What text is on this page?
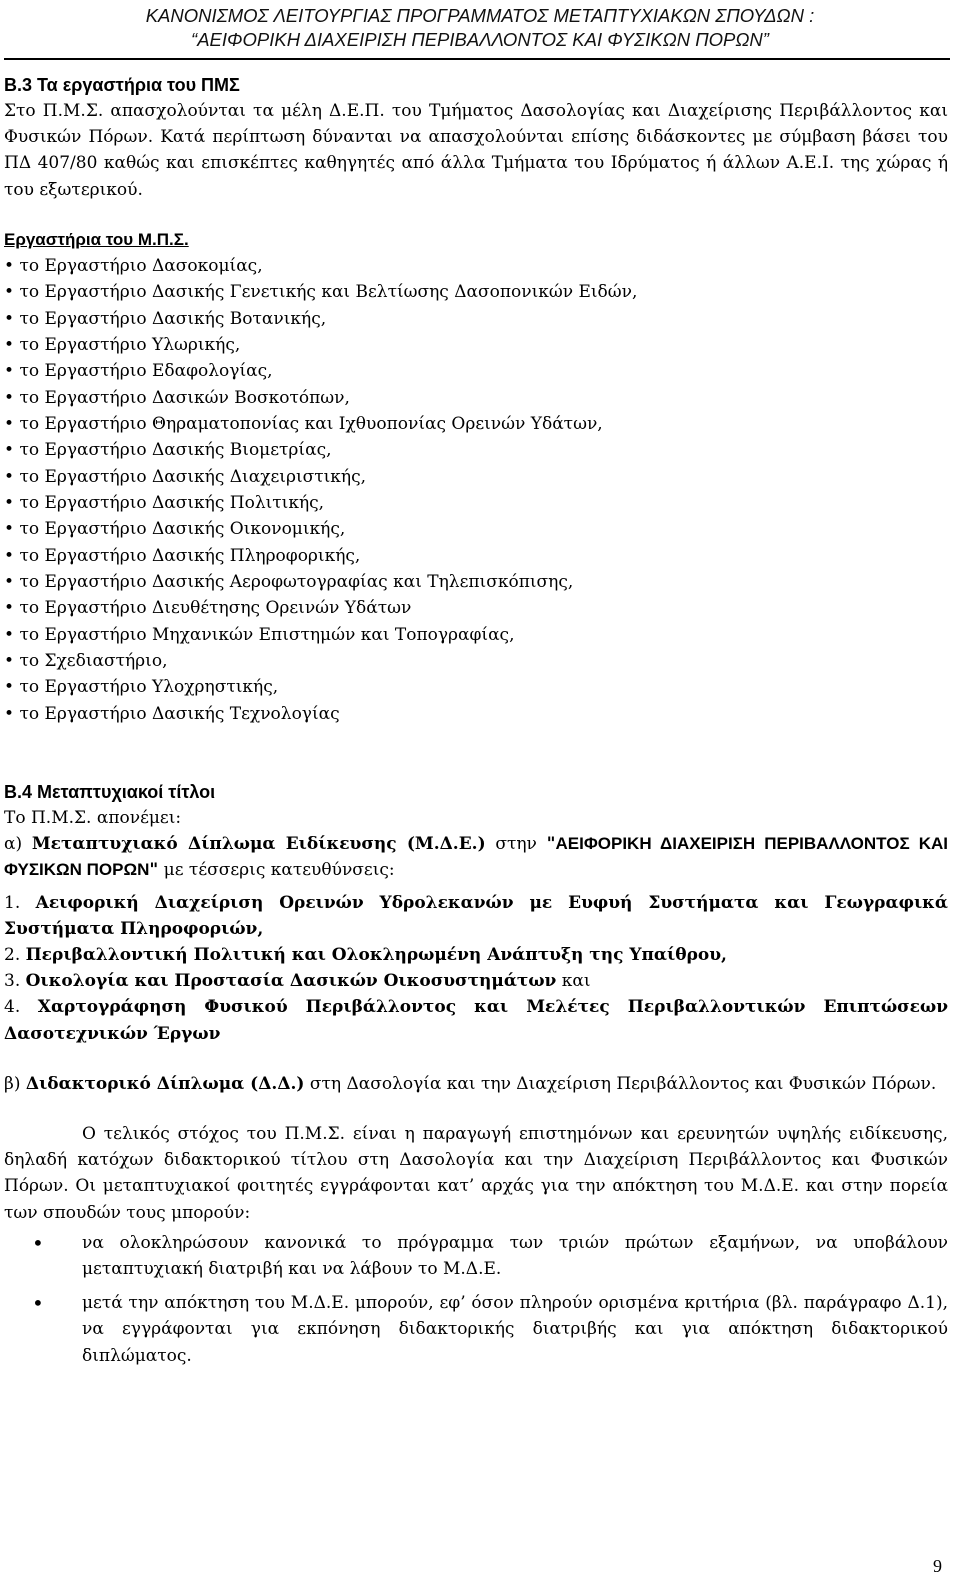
ΚΑΝΟΝΙΣΜΟΣ ΛΕΙΤΟΥΡΓΙΑΣ ΠΡΟΓΡΑΜΜΑΤΟΣ ΜΕΤΑΠΤΥΧΙΑΚΩΝ ΣΠΟΥΔΩΝ :
“ΑΕΙΦΟΡΙΚΗ ΔΙΑΧΕΙΡΙΣΗ ΠΕΡΙΒΑΛΛΟΝΤΟΣ ΚΑΙ ΦΥΣΙΚΩΝ ΠΟΡΩΝ”
Β.3 Τα εργαστήρια του ΠΜΣ

Στο Π.Μ.Σ. απασχολούνται τα μέλη Δ.Ε.Π. του Τμήματος Δασολογίας και Διαχείρισης Περιβάλλοντος και Φυσικών Πόρων. Κατά περίπτωση δύνανται να απασχολούνται επίσης διδάσκοντες με σύμβαση βάσει του ΠΔ 407/80 καθώς και επισκέπτες καθηγητές από άλλα Τμήματα του Ιδρύματος ή άλλων Α.Ε.Ι. της χώρας ή του εξωτερικού.

Εργαστήρια του Μ.Π.Σ.
• το Εργαστήριο Δασοκομίας,
• το Εργαστήριο Δασικής Γενετικής και Βελτίωσης Δασοπονικών Ειδών,
• το Εργαστήριο Δασικής Βοτανικής,
• το Εργαστήριο Υλωρικής,
• το Εργαστήριο Εδαφολογίας,
• το Εργαστήριο Δασικών Βοσκοτόπων,
• το Εργαστήριο Θηραματοπονίας και Ιχθυοπονίας Ορεινών Υδάτων,
• το Εργαστήριο Δασικής Βιομετρίας,
• το Εργαστήριο Δασικής Διαχειριστικής,
• το Εργαστήριο Δασικής Πολιτικής,
• το Εργαστήριο Δασικής Οικονομικής,
• το Εργαστήριο Δασικής Πληροφορικής,
• το Εργαστήριο Δασικής Αεροφωτογραφίας και Τηλεπισκόπισης,
• το Εργαστήριο Διευθέτησης Ορεινών Υδάτων
• το Εργαστήριο Μηχανικών Επιστημών και Τοπογραφίας,
• το Σχεδιαστήριο,
• το Εργαστήριο Υλοχρηστικής,
• το Εργαστήριο Δασικής Τεχνολογίας
Β.4 Μεταπτυχιακοί τίτλοι

Το Π.Μ.Σ. απονέμει:

α) Μεταπτυχιακό Δίπλωμα Ειδίκευσης (Μ.Δ.Ε.) στην "ΑΕΙΦΟΡΙΚΗ ΔΙΑΧΕΙΡΙΣΗ ΠΕΡΙΒΑΛΛΟΝΤΟΣ ΚΑΙ ΦΥΣΙΚΩΝ ΠΟΡΩΝ" με τέσσερις κατευθύνσεις:

1. Αειφορική Διαχείριση Ορεινών Υδρολεκανών με Ευφυή Συστήματα και Γεωγραφικά Συστήματα Πληροφοριών,

2. Περιβαλλοντική Πολιτική και Ολοκληρωμένη Ανάπτυξη της Υπαίθρου,

3. Οικολογία και Προστασία Δασικών Οικοσυστημάτων και

4. Χαρτογράφηση Φυσικού Περιβάλλοντος και Μελέτες Περιβαλλοντικών Επιπτώσεων Δασοτεχνικών Έργων

β) Διδακτορικό Δίπλωμα (Δ.Δ.) στη Δασολογία και την Διαχείριση Περιβάλλοντος και Φυσικών Πόρων.

Ο τελικός στόχος του Π.Μ.Σ. είναι η παραγωγή επιστημόνων και ερευνητών υψηλής ειδίκευσης, δηλαδή κατόχων διδακτορικού τίτλου στη Δασολογία και την Διαχείριση Περιβάλλοντος και Φυσικών Πόρων. Οι μεταπτυχιακοί φοιτητές εγγράφονται κατ’ αρχάς για την απόκτηση του Μ.Δ.Ε. και στην πορεία των σπουδών τους μπορούν:

• να ολοκληρώσουν κανονικά το πρόγραμμα των τριών πρώτων εξαμήνων, να υποβάλουν μεταπτυχιακή διατριβή και να λάβουν το Μ.Δ.Ε.
• μετά την απόκτηση του Μ.Δ.Ε. μπορούν, εφ’ όσον πληρούν ορισμένα κριτήρια (βλ. παράγραφο Δ.1), να εγγράφονται για εκπόνηση διδακτορικής διατριβής και για απόκτηση διδακτορικού διπλώματος.
9
